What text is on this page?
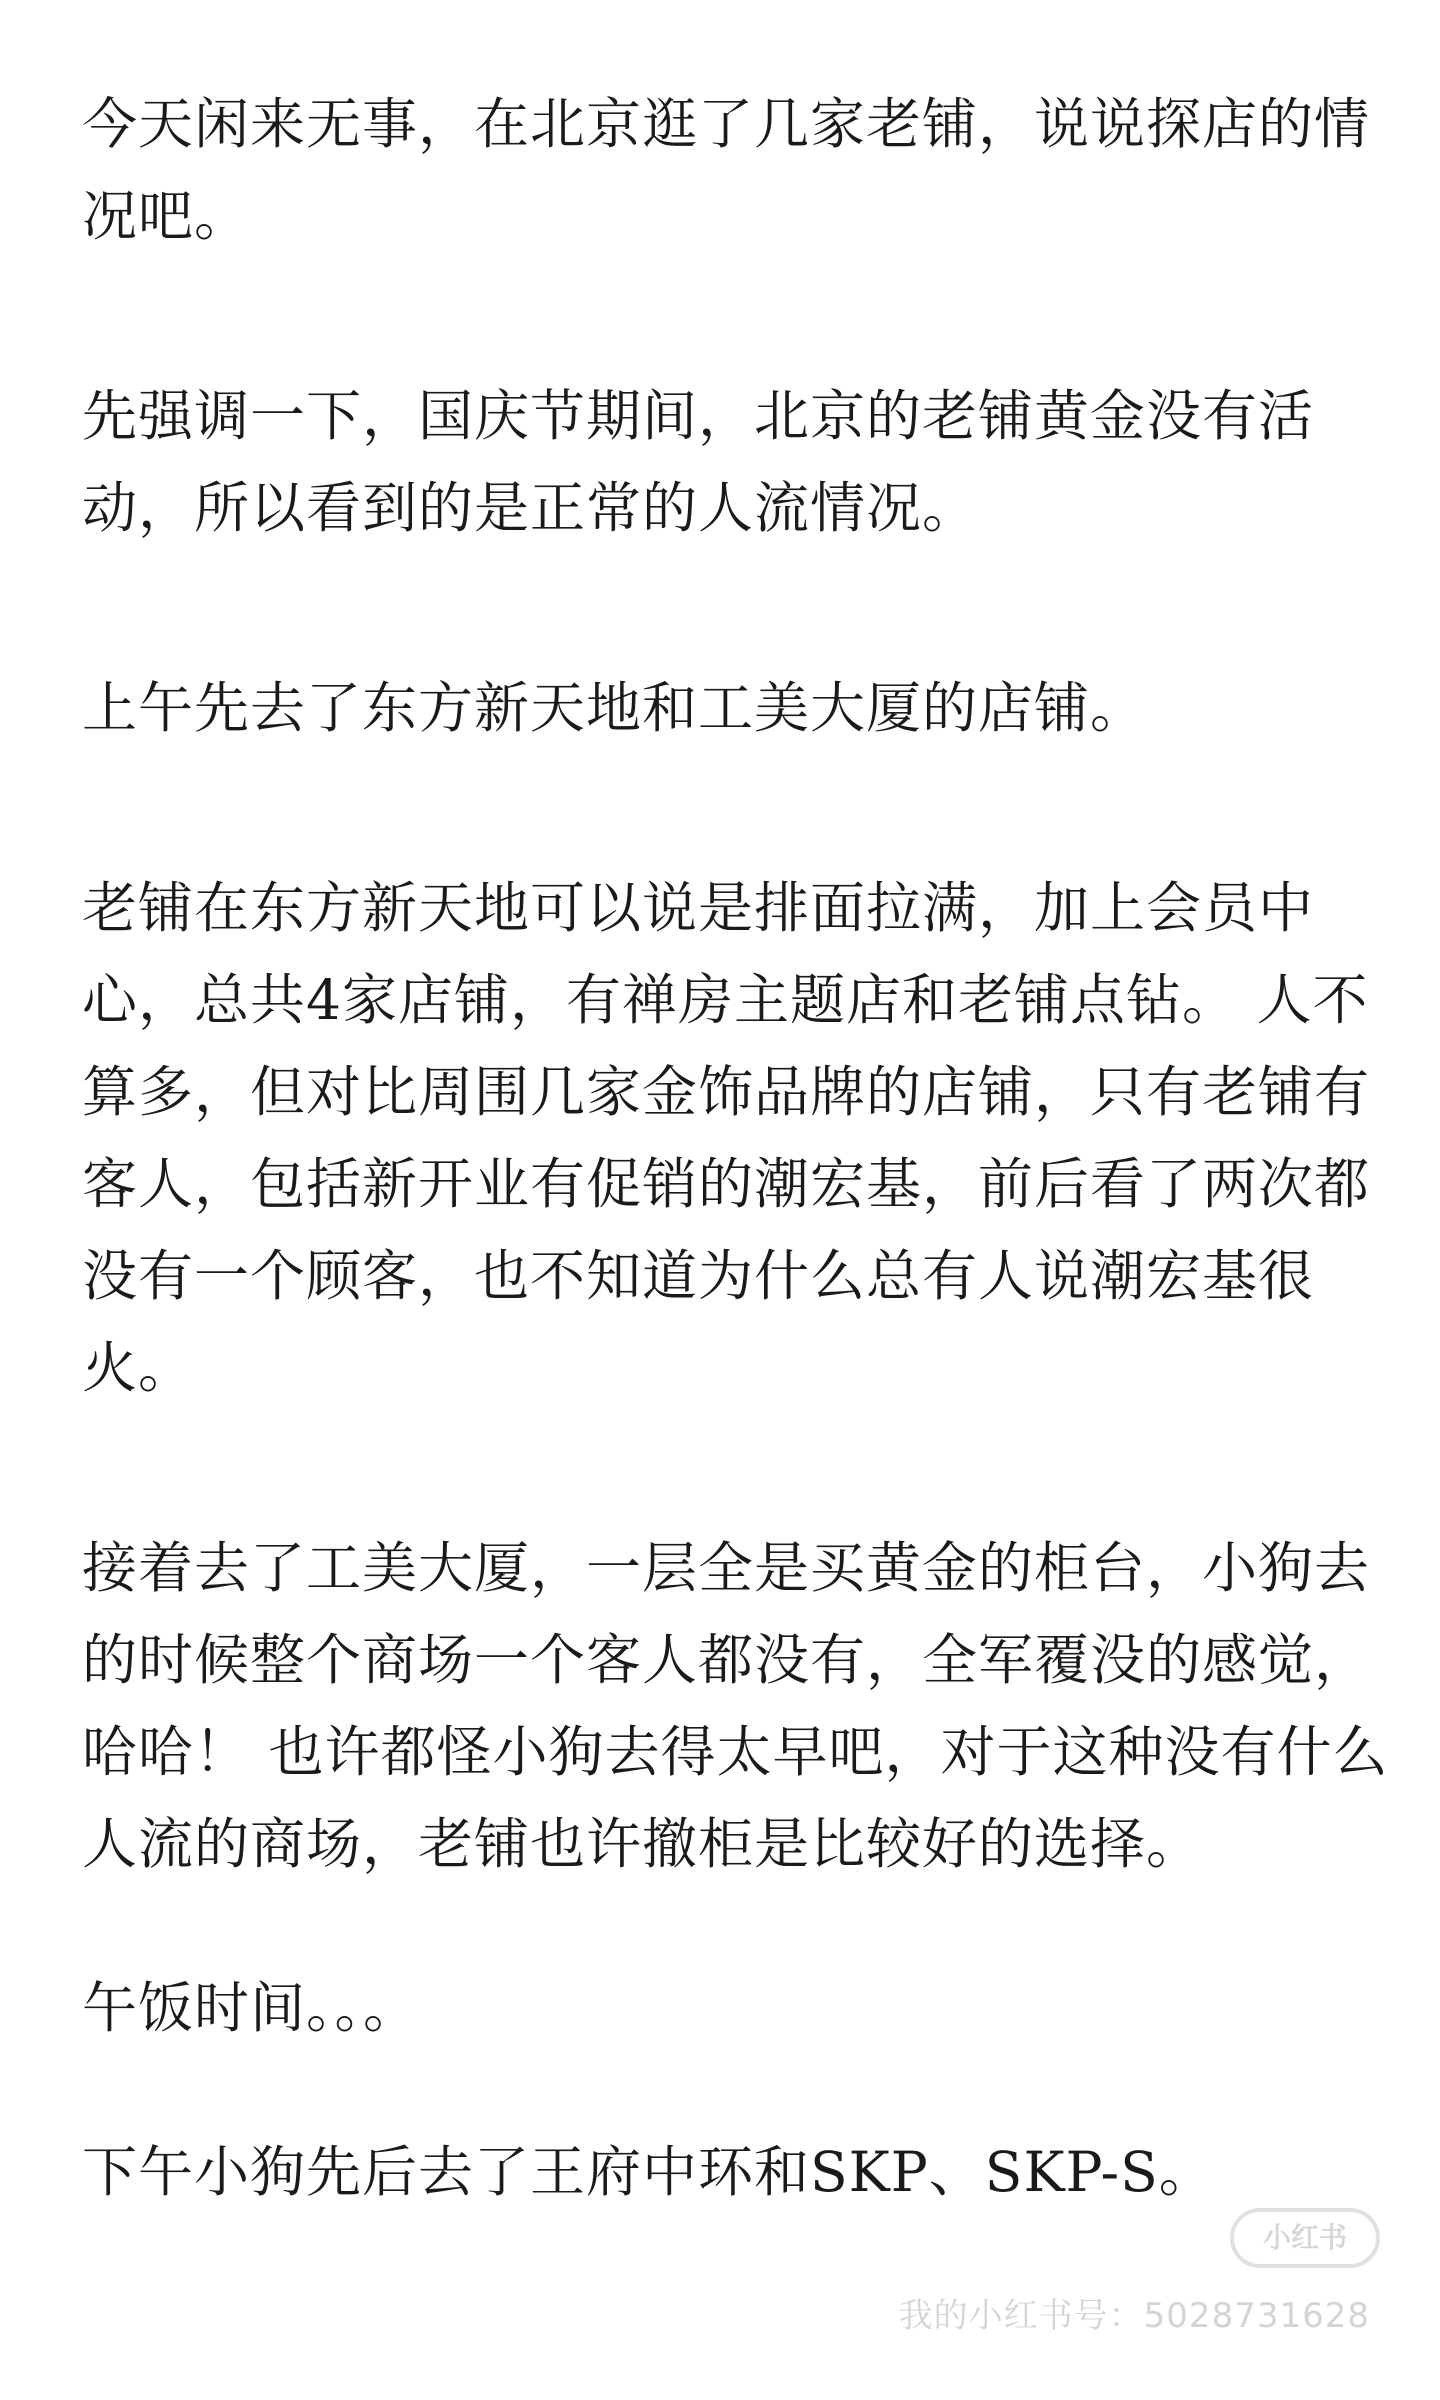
今天闲来无事，在北京逛了几家老铺，说说探店的情
况吧。

先强调一下，国庆节期间，北京的老铺黄金没有活
动，所以看到的是正常的人流情况。

上午先去了东方新天地和工美大厦的店铺。

老铺在东方新天地可以说是排面拉满，加上会员中
心，总共4家店铺，有禅房主题店和老铺点钻。 人不
算多，但对比周围几家金饰品牌的店铺，只有老铺有
客人，包括新开业有促销的潮宏基，前后看了两次都
没有一个顾客，也不知道为什么总有人说潮宏基很
火。

接着去了工美大厦，一层全是买黄金的柜台，小狗去
的时候整个商场一个客人都没有，全军覆没的感觉，
哈哈！ 也许都怪小狗去得太早吧，对于这种没有什么
人流的商场，老铺也许撤柜是比较好的选择。

午饭时间。。。

下午小狗先后去了王府中环和SKP、SKP-S。

小红书
我的小红书号：5028731628
